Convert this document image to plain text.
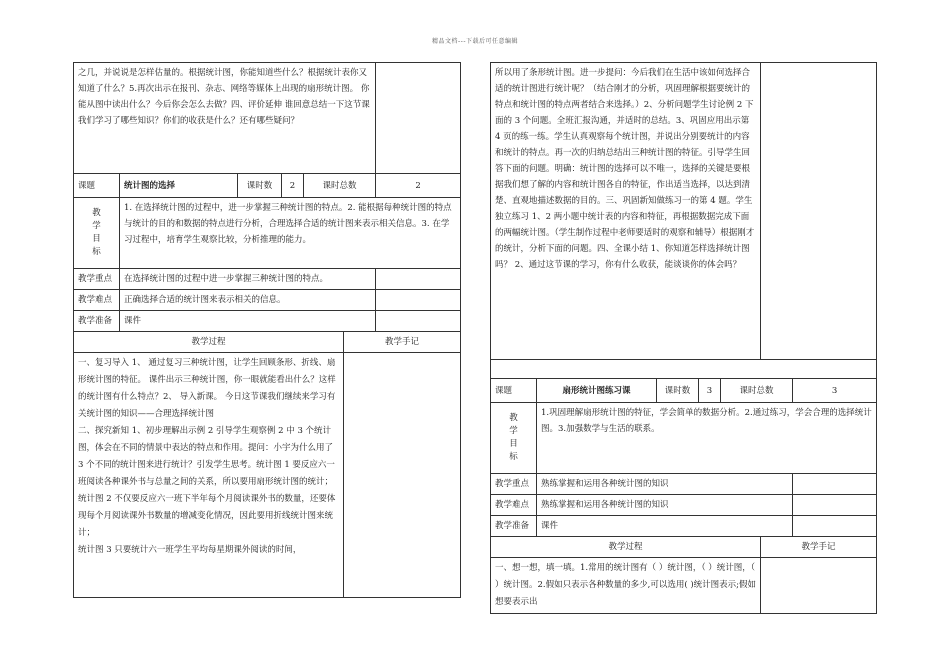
精品文档---下载后可任意编辑

之几，并说说是怎样估量的。根据统计图，你能知道些什么？根据统计表你又知道了什么？5.再次出示在报刊、杂志、网络等媒体上出现的扇形统计图。 你能从图中读出什么？今后你会怎么去做？四、评价延伸 谁回意总结一下这节课我们学习了哪些知识？你们的收获是什么？还有哪些疑问？						

课题	统计图的选择	课时数	2	课时总数		2

教
学
目
标	1. 在选择统计图的过程中，进一步掌握三种统计图的特点。2. 能根据每种统计图的特点与统计的目的和数据的特点进行分析，合理选择合适的统计图来表示相关信息。3. 在学习过程中，培育学生观察比较，分析推理的能力。					
教学重点	在选择统计图的过程中进一步掌握三种统计图的特点。					
教学难点	正确选择合适的统计图来表示相关的信息。					
教学准备	课件					
教学过程					教学手记	

一、复习导入 1、 通过复习三种统计图，让学生回顾条形、折线、扇形统计图的特征。 课件出示三种统计图，你一眼就能看出什么？这样的统计图有什么特点？2、 导入新课。 今日这节课我们继续来学习有关统计图的知识——合理选择统计图

二、探究新知 1、初步理解出示例 2 引导学生观察例 2 中 3 个统计图，体会在不同的情景中表达的特点和作用。提问：小宇为什么用了 3 个不同的统计图来进行统计？引发学生思考。统计图 1 要反应六一班阅读各种课外书与总量之间的关系，所以要用扇形统计图的统计；

统计图 2 不仅要反应六一班下半年每个月阅读课外书的数量，还要体现每个月阅读课外书数量的增减变化情况，因此要用折线统计图来统计；

统计图 3 只要统计六一班学生平均每星期课外阅读的时间，						

所以用了条形统计图。进一步提问：今后我们在生活中该如何选择合适的统计图进行统计呢？（结合刚才的分析，巩固理解根据要统计的特点和统计图的特点两者结合来选择。）2、分析问题学生讨论例 2 下面的 3 个问题。全班汇报沟通，并适时的总结。3、巩固应用出示第 4 页的练一练。学生认真观察每个统计图，并说出分别要统计的内容和统计的特点。再一次的归纳总结出三种统计图的特征。引导学生回答下面的问题。明确：统计图的选择可以不唯一，选择的关键是要根据我们想了解的内容和统计图各自的特征，作出适当选择，以达到清楚、直观地描述数据的目的。三、巩固新知做练习一的第 4 题。学生独立练习 1、2 两小题中统计表的内容和特征，再根据数据完成下面的两幅统计图。（学生制作过程中老师要适时的观察和辅导）根据刚才的统计，分析下面的问题。四、全课小结 1、你知道怎样选择统计图吗？ 2、通过这节课的学习，你有什么收获，能谈谈你的体会吗？						

课题	扇形统计图练习课	课时数	3	课时总数		3

教
学
目
标	1.巩固理解扇形统计图的特征，学会简单的数据分析。2.通过练习，学会合理的选择统计图。3.加强数学与生活的联系。					
教学重点	熟练掌握和运用各种统计图的知识					
教学难点	熟练掌握和运用各种统计图的知识					
教学准备	课件					
教学过程					教学手记	

一、想一想，填一填。1.常用的统计图有（ ）统计图，（ ）统计图，（ ）统计图。2.假如只表示各种数量的多少,可以选用( )统计图表示;假如想要表示出						
